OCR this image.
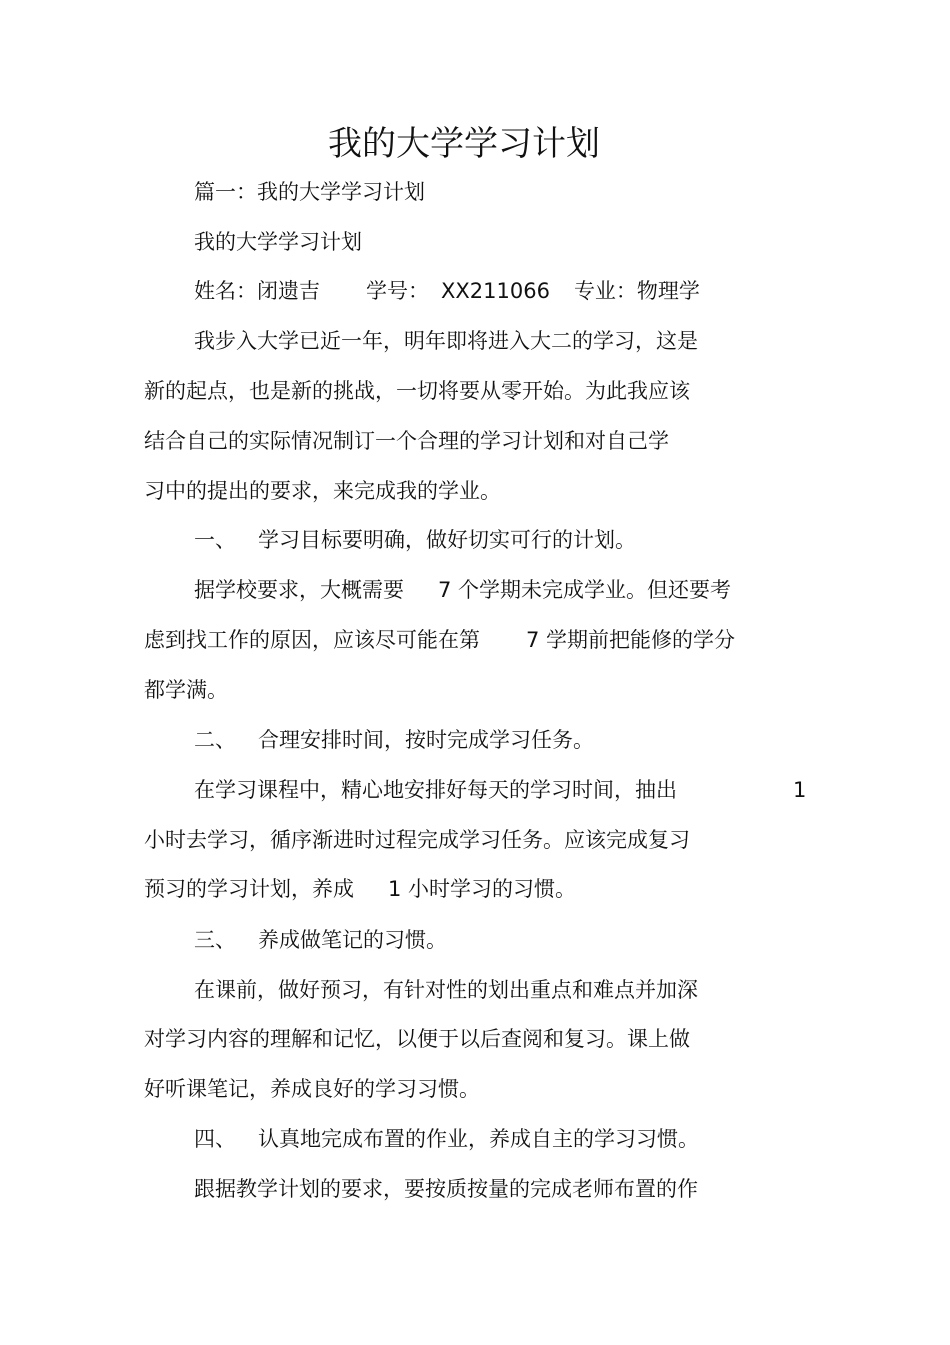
我的大学学习计划
篇一：我的大学学习计划
我的大学学习计划
姓名：闭遗吉 学号： XX211066 专业：物理学
我步入大学已近一年，明年即将进入大二的学习，这是
新的起点，也是新的挑战，一切将要从零开始。为此我应该
结合自己的实际情况制订一个合理的学习计划和对自己学
习中的提出的要求，来完成我的学业。
一、 学习目标要明确，做好切实可行的计划。
据学校要求，大概需要 7 个学期未完成学业。但还要考
虑到找工作的原因，应该尽可能在第 7 学期前把能修的学分
都学满。
二、 合理安排时间，按时完成学习任务。
在学习课程中，精心地安排好每天的学习时间，抽出	1
小时去学习，循序渐进时过程完成学习任务。应该完成复习
预习的学习计划，养成 1 小时学习的习惯。
三、 养成做笔记的习惯。
在课前，做好预习，有针对性的划出重点和难点并加深
对学习内容的理解和记忆，以便于以后查阅和复习。课上做
好听课笔记，养成良好的学习习惯。
四、 认真地完成布置的作业，养成自主的学习习惯。
跟据教学计划的要求，要按质按量的完成老师布置的作
